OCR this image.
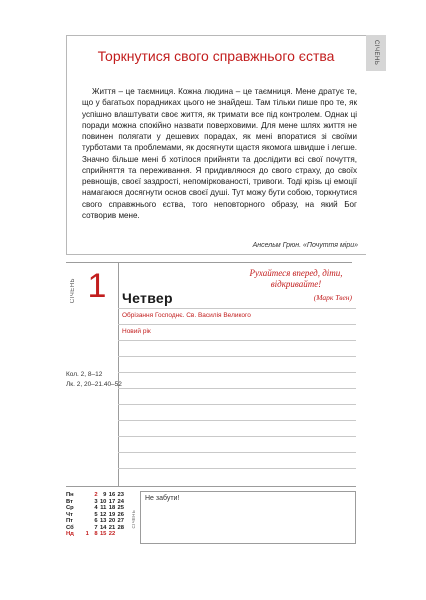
СІЧЕНЬ
Торкнутися свого справжнього єства

Життя – це таємниця. Кожна людина – це таємниця. Мене дратує те, що у багатьох порадниках цього не знайдеш. Там тільки пише про те, як успішно влаштувати своє життя, як тримати все під контролем. Однак ці поради можна спокійно назвати поверховими. Для мене шлях життя не повинен полягати у дешевих порадах, як мені впоратися зі своїми турботами та проблемами, як досягнути щастя якомога швидше і легше. Значно більше мені б хотілося прийняти та дослідити всі свої почуття, сприйняття та переживання. Я придивляюся до свого страху, до своїх ревнощів, своєї заздрості, непомірковaності, тривоги. Тоді крізь ці емоції намагаюся досягнути основ своєї душі. Тут можу бути собою, торкнутися свого справжнього єства, того неповторного образу, на який Бог сотворив мене.

Ансельм Грюн. «Почуття міри»
СІЧЕНЬ 1	Четвер
Рухайтеся вперед, діти, відкривайте!
(Марк Твен)
Обрізання Господнє. Св. Василія Великого
Новий рік
Кол. 2, 8–12
Лк. 2, 20–21.40–52
Пн	2 9 16 23
Вт	3 10 17 24
Ср	4 11 18 25
Чт	5 12 19 26
Пт	6 13 20 27
Сб	7 14 21 28
Нд	1 8 15 22
СІЧЕНЬ
Не забути!
